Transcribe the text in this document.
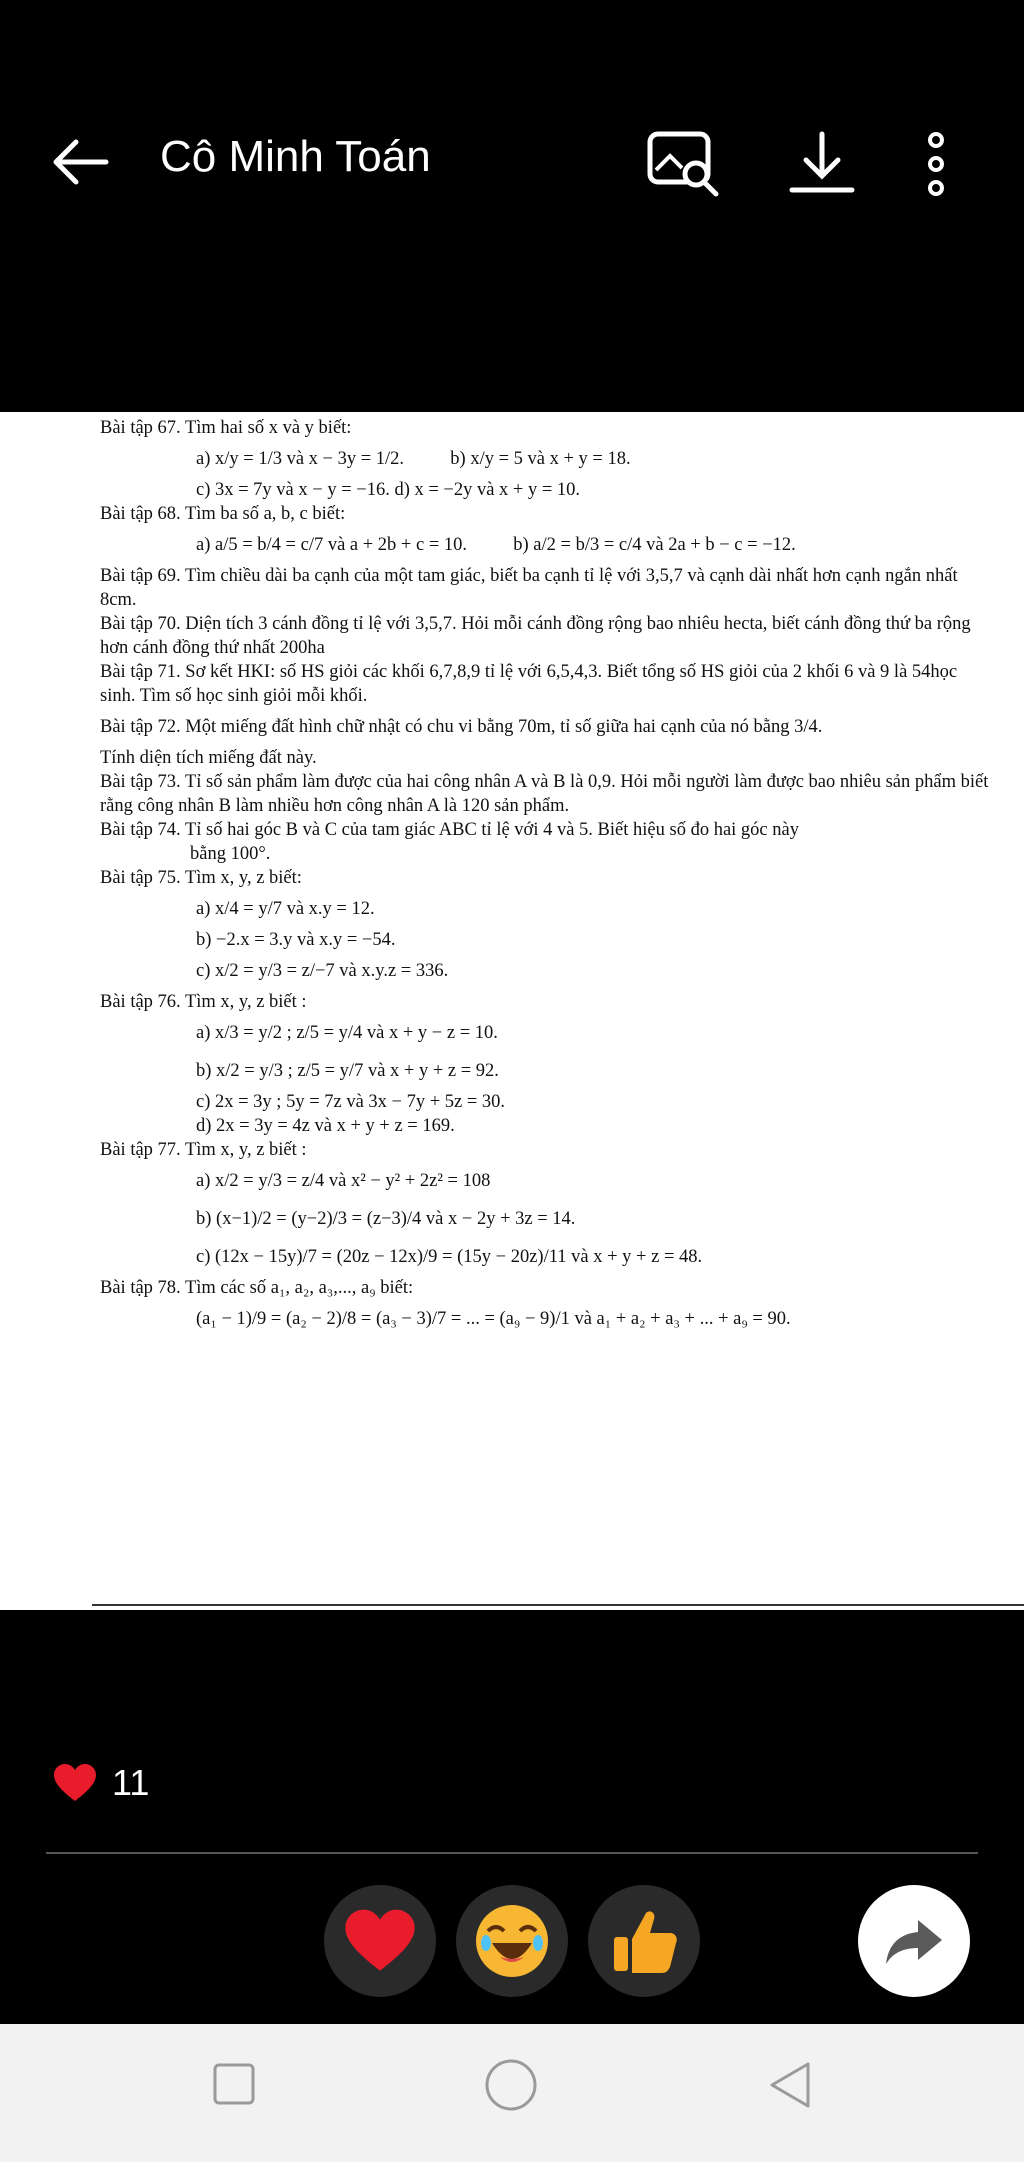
Cô Minh Toán

Bài tập 67. Tìm hai số x và y biết:

a) x/y = 1/3 và x − 3y = 1/2.          b) x/y = 5 và x + y = 18.

c) 3x = 7y và x − y = −16. d) x = −2y và x + y = 10.

Bài tập 68. Tìm ba số a, b, c biết:

a) a/5 = b/4 = c/7 và a + 2b + c = 10.          b) a/2 = b/3 = c/4 và 2a + b − c = −12.

Bài tập 69. Tìm chiều dài ba cạnh của một tam giác, biết ba cạnh tỉ lệ với 3,5,7 và cạnh dài nhất hơn cạnh ngắn nhất 8cm.

Bài tập 70. Diện tích 3 cánh đồng tỉ lệ với 3,5,7. Hỏi mỗi cánh đồng rộng bao nhiêu hecta, biết cánh đồng thứ ba rộng hơn cánh đồng thứ nhất 200ha

Bài tập 71. Sơ kết HKI: số HS giỏi các khối 6,7,8,9 tỉ lệ với 6,5,4,3. Biết tổng số HS giỏi của 2 khối 6 và 9 là 54học sinh. Tìm số học sinh giỏi mỗi khối.

Bài tập 72. Một miếng đất hình chữ nhật có chu vi bằng 70m, tỉ số giữa hai cạnh của nó bằng 3/4.

Tính diện tích miếng đất này.

Bài tập 73. Tỉ số sản phẩm làm được của hai công nhân A và B là 0,9. Hỏi mỗi người làm được bao nhiêu sản phẩm biết rằng công nhân B làm nhiều hơn công nhân A là 120 sản phẩm.

Bài tập 74. Tỉ số hai góc B và C của tam giác ABC tỉ lệ với 4 và 5. Biết hiệu số đo hai góc này

bằng 100°.

Bài tập 75. Tìm x, y, z biết:

a) x/4 = y/7 và x.y = 12.

b) −2.x = 3.y và x.y = −54.

c) x/2 = y/3 = z/−7 và x.y.z = 336.

Bài tập 76. Tìm x, y, z biết :

a) x/3 = y/2 ; z/5 = y/4 và x + y − z = 10.

b) x/2 = y/3 ; z/5 = y/7 và x + y + z = 92.

c) 2x = 3y ; 5y = 7z và 3x − 7y + 5z = 30.

d) 2x = 3y = 4z và x + y + z = 169.

Bài tập 77. Tìm x, y, z biết :

a) x/2 = y/3 = z/4 và x² − y² + 2z² = 108

b) (x−1)/2 = (y−2)/3 = (z−3)/4 và x − 2y + 3z = 14.

c) (12x − 15y)/7 = (20z − 12x)/9 = (15y − 20z)/11 và x + y + z = 48.

Bài tập 78. Tìm các số a₁, a₂, a₃,..., a₉ biết:

(a₁ − 1)/9 = (a₂ − 2)/8 = (a₃ − 3)/7 = ... = (a₉ − 9)/1 và a₁ + a₂ + a₃ + ... + a₉ = 90.

11
